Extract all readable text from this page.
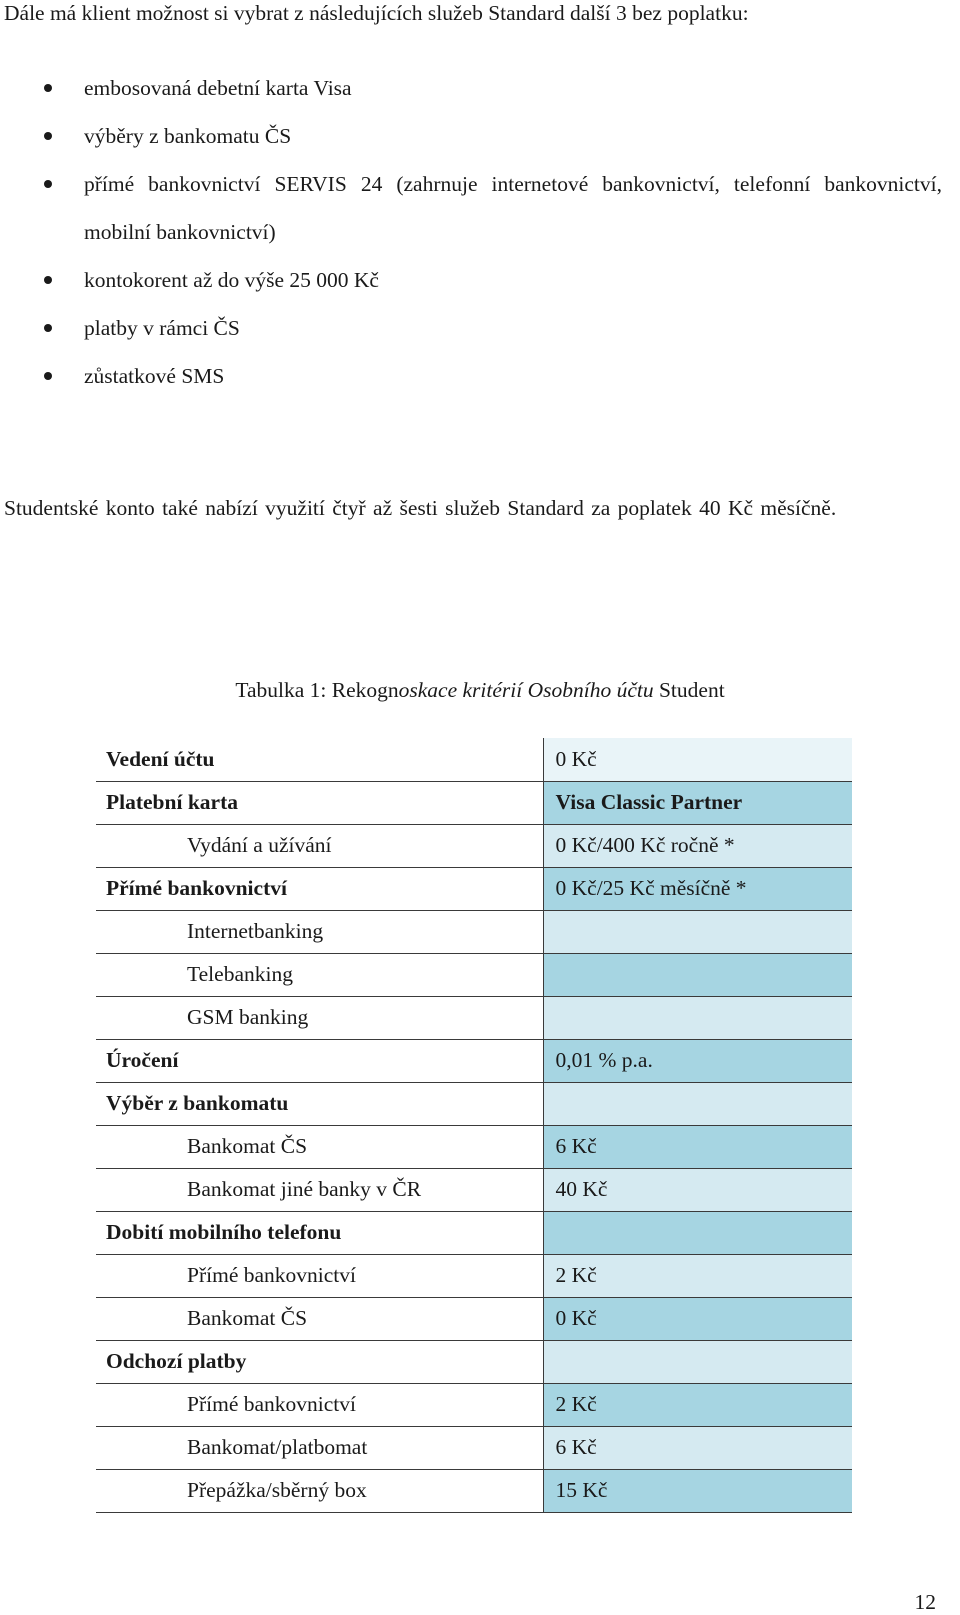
Dále má klient možnost si vybrat z následujících služeb Standard další 3 bez poplatku:

embosovaná debetní karta Visa
výběry z bankomatu ČS
přímé bankovnictví SERVIS 24 (zahrnuje internetové bankovnictví, telefonní bankovnictví, mobilní bankovnictví)
kontokorent až do výše 25 000 Kč
platby v rámci ČS
zůstatkové SMS

Studentské konto také nabízí využití čtyř až šesti služeb Standard za poplatek 40 Kč měsíčně.

Tabulka 1: Rekognoskace kritérií Osobního účtu Student
Vedení účtu	0 Kč
Platební karta	Visa Classic Partner
Vydání a užívání	0 Kč/400 Kč ročně *
Přímé bankovnictví	0 Kč/25 Kč měsíčně *
Internetbanking	
Telebanking	
GSM banking	
Úročení	0,01 % p.a.
Výběr z bankomatu	
Bankomat ČS	6 Kč
Bankomat jiné banky v ČR	40 Kč
Dobití mobilního telefonu	
Přímé bankovnictví	2 Kč
Bankomat ČS	0 Kč
Odchozí platby	
Přímé bankovnictví	2 Kč
Bankomat/platbomat	6 Kč
Přepážka/sběrný box	15 Kč
12
